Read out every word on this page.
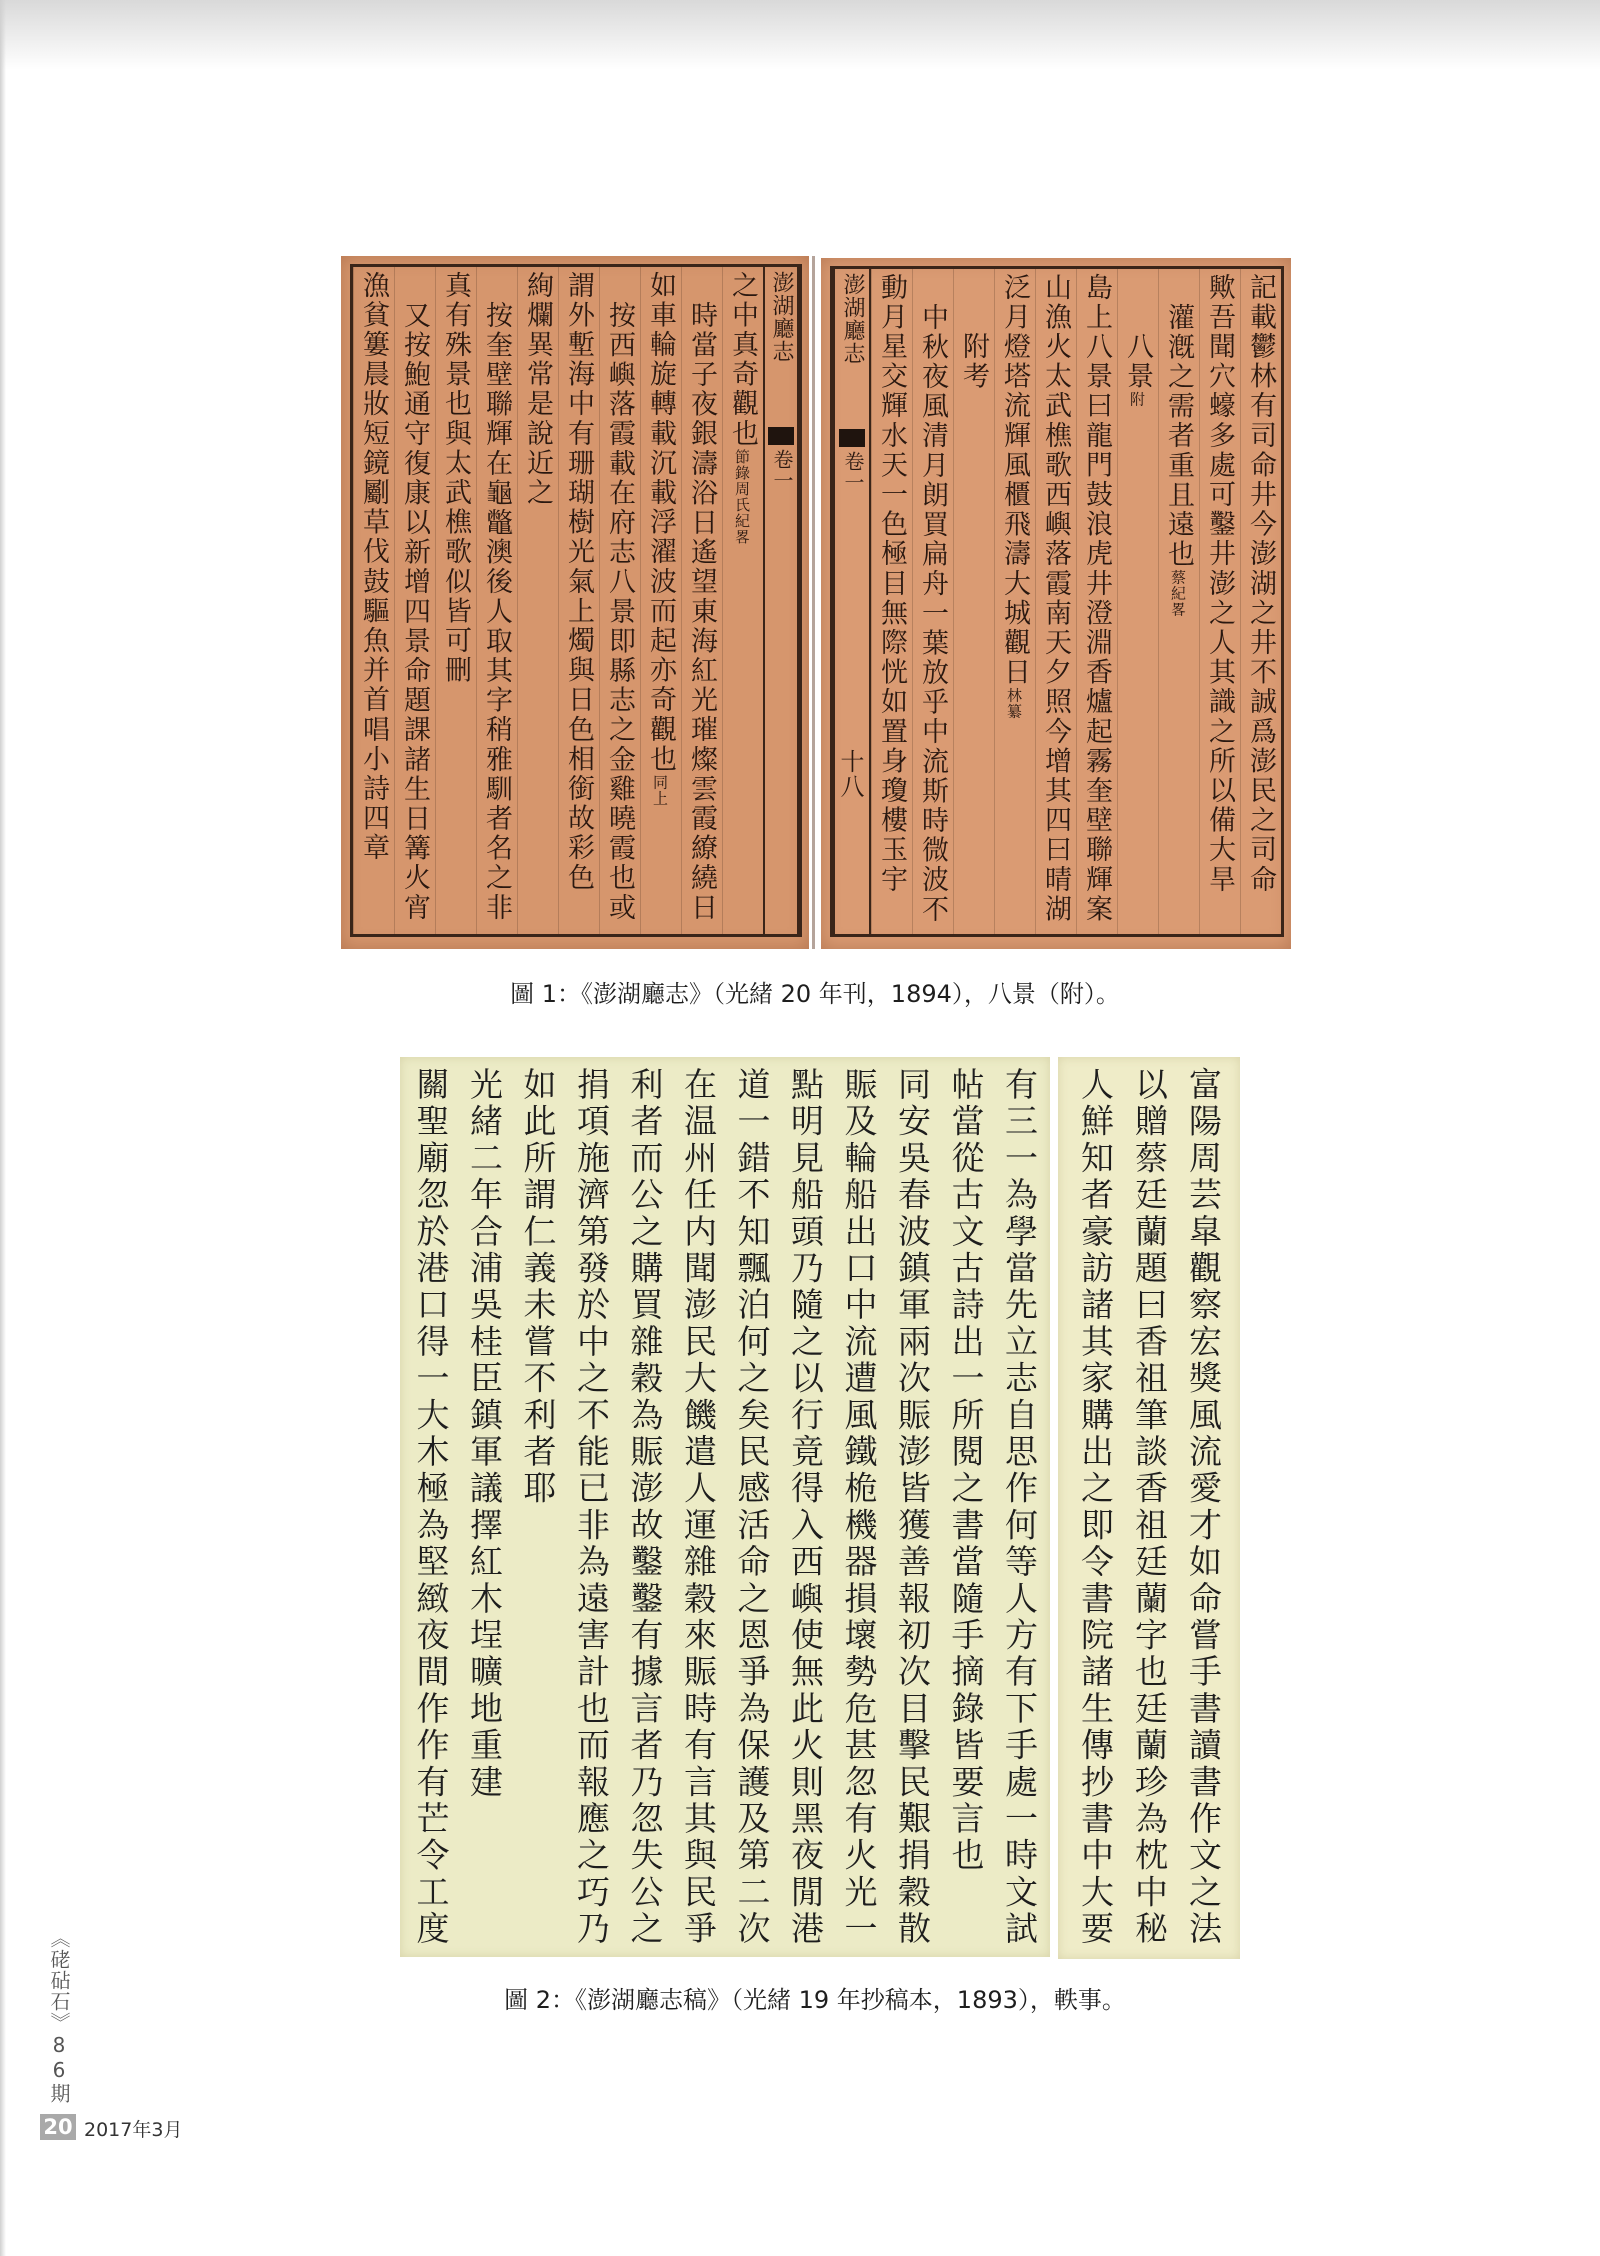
澎湖廳志
卷一
之中真奇觀也節錄周氏紀畧
時當子夜銀濤浴日遙望東海紅光璀燦雲霞繚繞日
如車輪旋轉載沉載浮濯波而起亦奇觀也同上
按西嶼落霞載在府志八景即縣志之金雞曉霞也或
謂外塹海中有珊瑚樹光氣上燭與日色相銜故彩色
絢爛異常是說近之
按奎壁聯輝在龜鼈澳後人取其字稍雅馴者名之非
真有殊景也與太武樵歌似皆可刪
又按鮑通守復康以新增四景命題課諸生日篝火宵
漁貧簍晨妝短鏡劚草伐鼓驅魚并首唱小詩四章	記載鬱林有司命井今澎湖之井不誠爲澎民之司命
歟吾聞穴蠔多處可鑿井澎之人其識之所以備大旱
灌漑之需者重且遠也蔡紀畧
八景附
島上八景曰龍門鼓浪虎井澄淵香爐起霧奎壁聯輝案
山漁火太武樵歌西嶼落霞南天夕照今增其四曰晴湖
泛月燈塔流輝風櫃飛濤大城觀日林纂
附考
中秋夜風清月朗買扁舟一葉放乎中流斯時微波不
動月星交輝水天一色極目無際恍如置身瓊樓玉宇
澎湖廳志
卷一
十八
圖 1：《澎湖廳志》（光緒 20 年刊，1894），八景（附）。
有三一為學當先立志自思作何等人方有下手處一時文試
帖當從古文古詩出一所閱之書當隨手摘錄皆要言也
同安吳春波鎮軍兩次賑澎皆獲善報初次目擊民艱捐穀散
賑及輪船出口中流遭風鐵桅機器損壞勢危甚忽有火光一
點明見船頭乃隨之以行竟得入西嶼使無此火則黑夜閒港
道一錯不知飄泊何之矣民感活命之恩爭為保護及第二次
在温州任内聞澎民大饑遣人運雜穀來賑時有言其與民爭
利者而公之購買雜穀為賑澎故鑿鑿有據言者乃忽失公之
捐項施濟第發於中之不能已非為遠害計也而報應之巧乃
如此所謂仁義未嘗不利者耶
光緒二年合浦吳桂臣鎮軍議擇紅木埕曠地重建
關聖廟忽於港口得一大木極為堅緻夜間作作有芒令工度	富陽周芸皐觀察宏獎風流愛才如命嘗手書讀書作文之法
以贈蔡廷蘭題曰香祖筆談香祖廷蘭字也廷蘭珍為枕中秘
人鮮知者豪訪諸其家購出之即令書院諸生傳抄書中大要
圖 2：《澎湖廳志稿》（光緒 19 年抄稿本，1893），軼事。
《硓砧石》86期
20 2017年3月
